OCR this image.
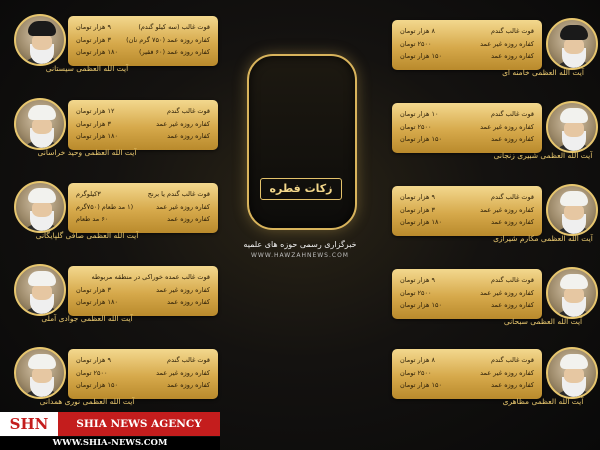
قوت غالب (سه کیلو گندم)
۹ هزار تومان
کفاره روزه عمد (۷۵۰ گرم نان)
۳ هزار تومان
کفاره روزه عمد (۶۰ فقیر)
۱۸۰ هزار تومان
آیت الله العظمی سیستانی
قوت غالب گندم
۱۲ هزار تومان
کفاره روزه غیر عمد
۳ هزار تومان
کفاره روزه عمد
۱۸۰ هزار تومان
آیت الله العظمی وحید خراسانی
قوت غالب گندم یا برنج
۳کیلوگرم
کفاره روزه غیر عمد
(۱ مد طعام (۷۵۰گرم
کفاره روزه عمد
۶۰ مد طعام
آیت الله العظمی صافی گلپایگانی
قوت غالب عمده خوراکی در منطقه مربوطه
کفاره روزه غیر عمد
۳ هزار تومان
کفاره روزه عمد
۱۸۰ هزار تومان
آیت الله العظمی جوادی آملی
قوت غالب گندم
۹ هزار تومان
کفاره روزه غیر عمد
۲۵۰۰ تومان
کفاره روزه عمد
۱۵۰ هزار تومان
آیت الله العظمی نوری همدانی
قوت غالب گندم
۸ هزار تومان
کفاره روزه غیر عمد
۲۵۰۰ تومان
کفاره روزه عمد
۱۵۰ هزار تومان
آیت الله العظمی خامنه ای
قوت غالب گندم
۱۰ هزار تومان
کفاره روزه غیر عمد
۲۵۰۰ تومان
کفاره روزه عمد
۱۵۰ هزار تومان
آیت الله العظمی شبیری زنجانی
قوت غالب گندم
۹ هزار تومان
کفاره روزه غیر عمد
۳ هزار تومان
کفاره روزه عمد
۱۸۰ هزار تومان
آیت الله العظمی مکارم شیرازی
قوت غالب گندم
۹ هزار تومان
کفاره روزه غیر عمد
۲۵۰۰ تومان
کفاره روزه عمد
۱۵۰ هزار تومان
آیت الله العظمی سبحانی
قوت غالب گندم
۸ هزار تومان
کفاره روزه غیر عمد
۲۵۰۰ تومان
کفاره روزه عمد
۱۵۰ هزار تومان
آیت الله العظمی مظاهری
زکات فطره
خبرگزاری رسمی حوزه های علمیه
WWW.HAWZAHNEWS.COM
SHN	SHIA NEWS AGENCY
WWW.SHIA-NEWS.COM
